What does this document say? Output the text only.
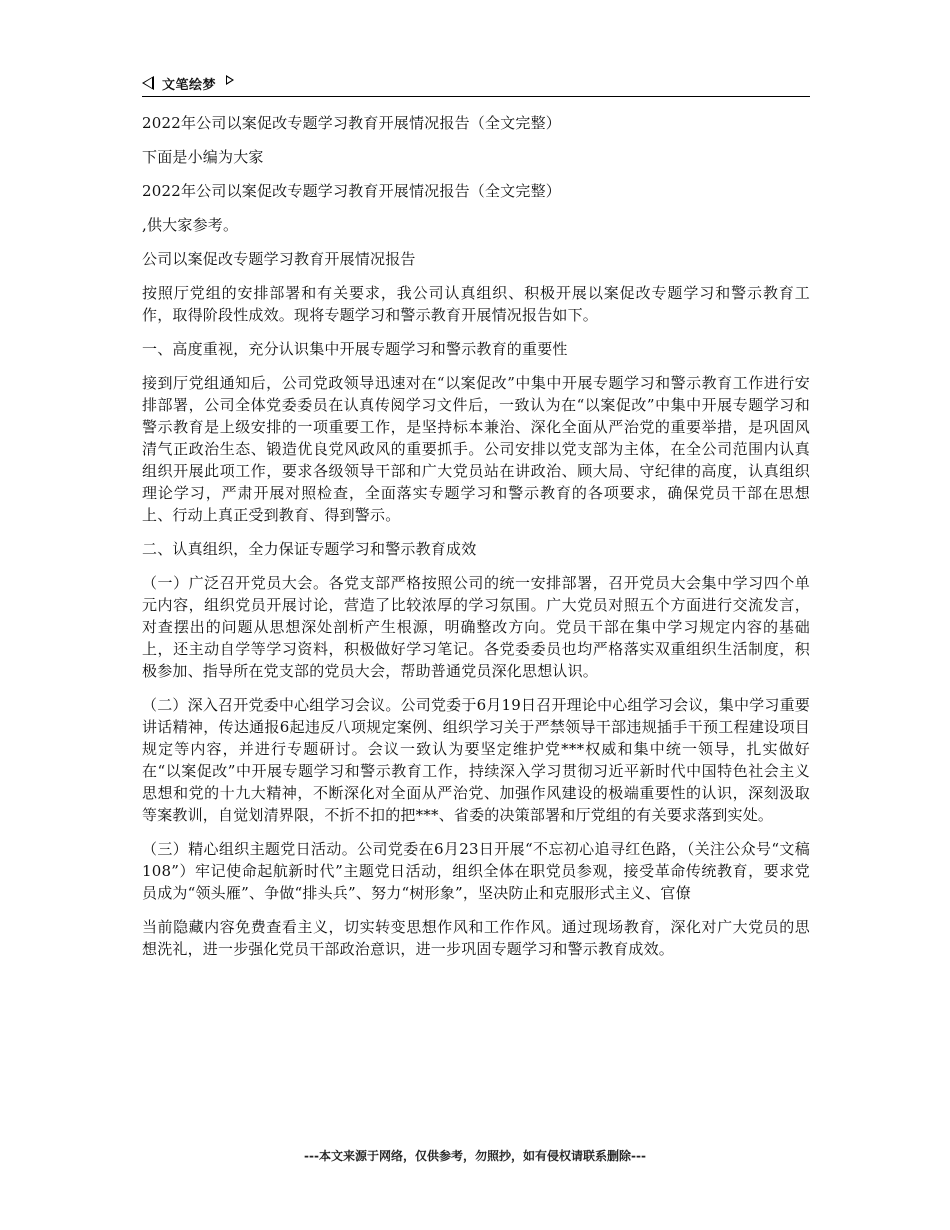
文笔绘梦

2022年公司以案促改专题学习教育开展情况报告（全文完整）

下面是小编为大家

2022年公司以案促改专题学习教育开展情况报告（全文完整）

,供大家参考。

公司以案促改专题学习教育开展情况报告

按照厅党组的安排部署和有关要求，我公司认真组织、积极开展以案促改专题学习和警示教育工作，取得阶段性成效。现将专题学习和警示教育开展情况报告如下。

一、高度重视，充分认识集中开展专题学习和警示教育的重要性

接到厅党组通知后，公司党政领导迅速对在“以案促改”中集中开展专题学习和警示教育工作进行安排部署，公司全体党委委员在认真传阅学习文件后，一致认为在“以案促改”中集中开展专题学习和警示教育是上级安排的一项重要工作，是坚持标本兼治、深化全面从严治党的重要举措，是巩固风清气正政治生态、锻造优良党风政风的重要抓手。公司安排以党支部为主体，在全公司范围内认真组织开展此项工作，要求各级领导干部和广大党员站在讲政治、顾大局、守纪律的高度，认真组织理论学习，严肃开展对照检查，全面落实专题学习和警示教育的各项要求，确保党员干部在思想上、行动上真正受到教育、得到警示。

二、认真组织，全力保证专题学习和警示教育成效

（一）广泛召开党员大会。各党支部严格按照公司的统一安排部署，召开党员大会集中学习四个单元内容，组织党员开展讨论，营造了比较浓厚的学习氛围。广大党员对照五个方面进行交流发言，对查摆出的问题从思想深处剖析产生根源，明确整改方向。党员干部在集中学习规定内容的基础上，还主动自学等学习资料，积极做好学习笔记。各党委委员也均严格落实双重组织生活制度，积极参加、指导所在党支部的党员大会，帮助普通党员深化思想认识。

（二）深入召开党委中心组学习会议。公司党委于6月19日召开理论中心组学习会议，集中学习重要讲话精神，传达通报6起违反八项规定案例、组织学习关于严禁领导干部违规插手干预工程建设项目规定等内容，并进行专题研讨。会议一致认为要坚定维护党***权威和集中统一领导，扎实做好在“以案促改”中开展专题学习和警示教育工作，持续深入学习贯彻习近平新时代中国特色社会主义思想和党的十九大精神，不断深化对全面从严治党、加强作风建设的极端重要性的认识，深刻汲取等案教训，自觉划清界限，不折不扣的把***、省委的决策部署和厅党组的有关要求落到实处。

（三）精心组织主题党日活动。公司党委在6月23日开展“不忘初心追寻红色路，（关注公众号“文稿108”）牢记使命起航新时代”主题党日活动，组织全体在职党员参观，接受革命传统教育，要求党员成为“领头雁”、争做“排头兵”、努力“树形象”，坚决防止和克服形式主义、官僚

当前隐藏内容免费查看主义，切实转变思想作风和工作作风。通过现场教育，深化对广大党员的思想洗礼，进一步强化党员干部政治意识，进一步巩固专题学习和警示教育成效。

---本文来源于网络，仅供参考，勿照抄，如有侵权请联系删除---
